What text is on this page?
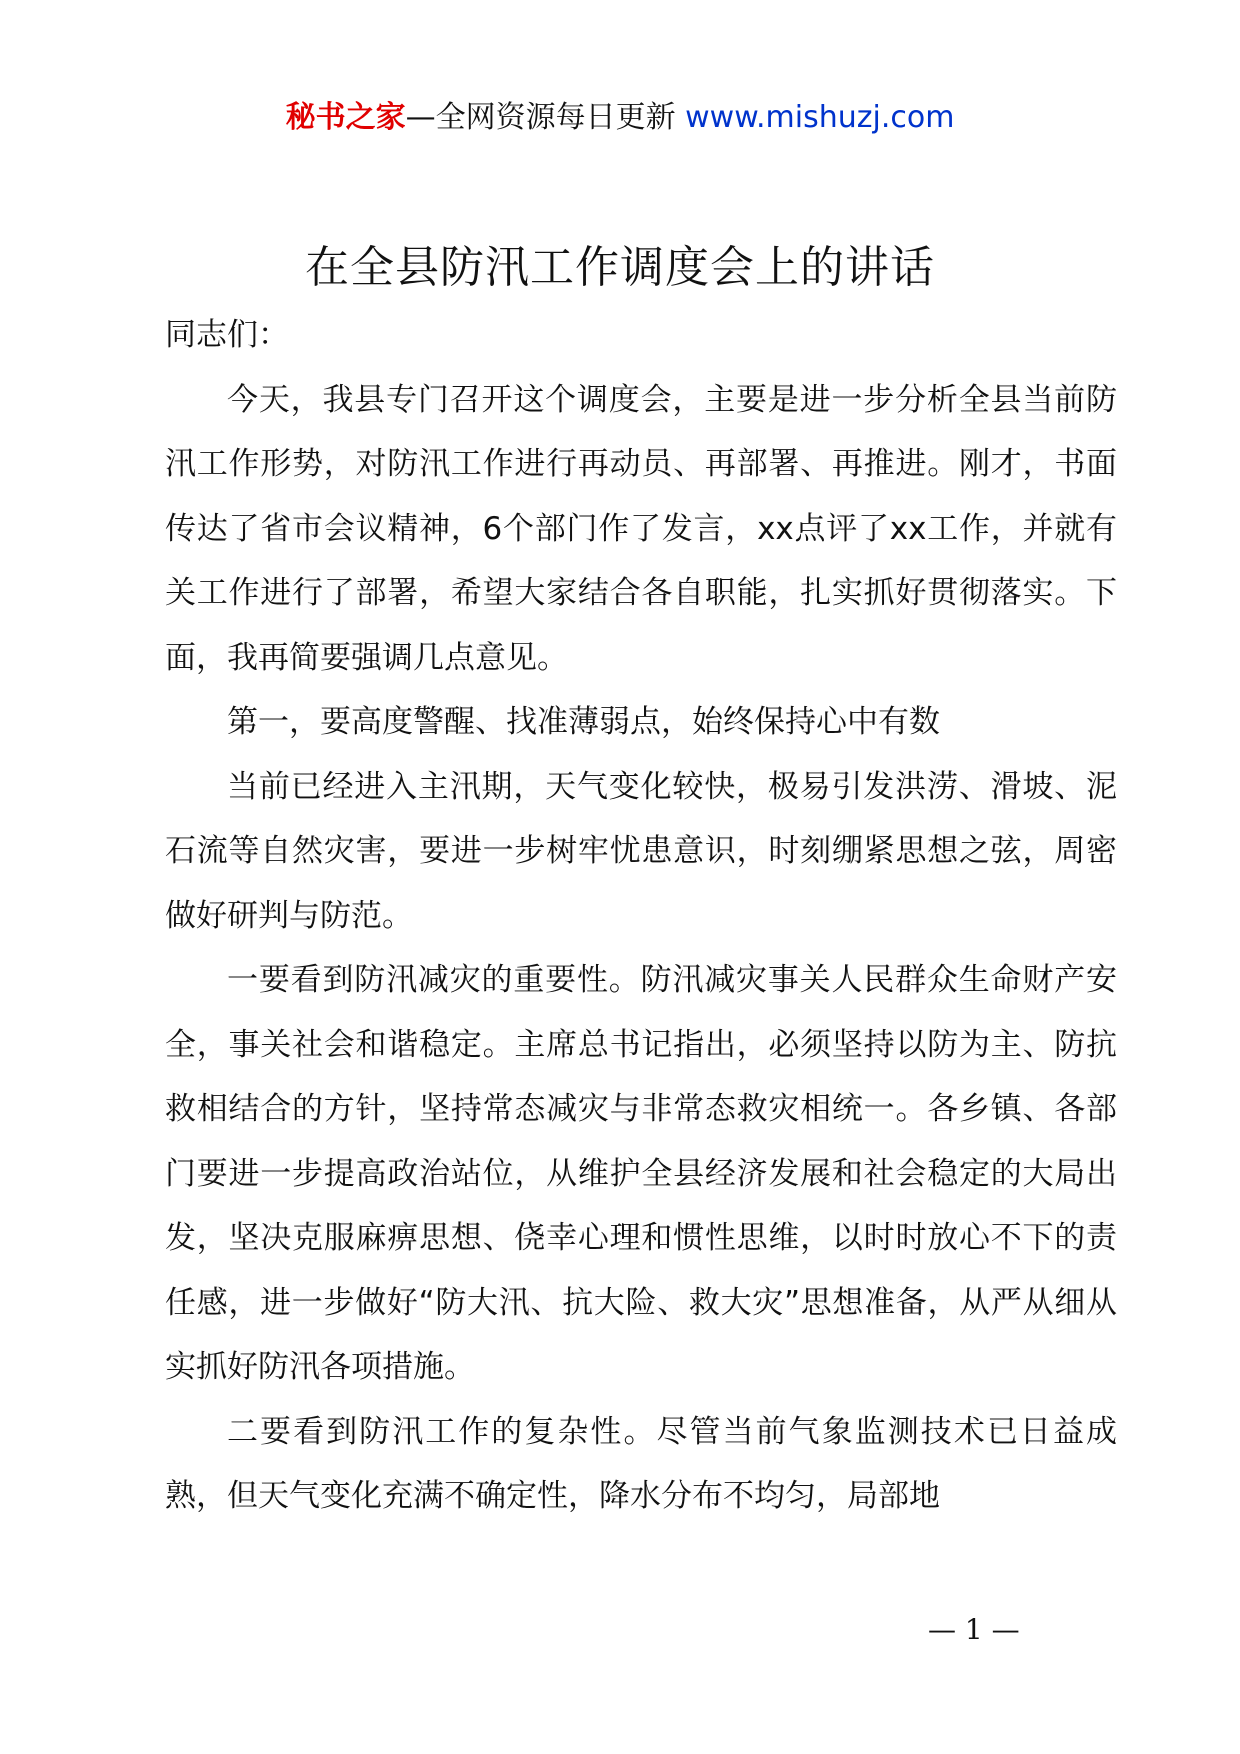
秘书之家—全网资源每日更新 www.mishuzj.com
在全县防汛工作调度会上的讲话

同志们：

今天，我县专门召开这个调度会，主要是进一步分析全县当前防汛工作形势，对防汛工作进行再动员、再部署、再推进。刚才，书面传达了省市会议精神，6个部门作了发言，xx点评了xx工作，并就有关工作进行了部署，希望大家结合各自职能，扎实抓好贯彻落实。下面，我再简要强调几点意见。

第一，要高度警醒、找准薄弱点，始终保持心中有数

当前已经进入主汛期，天气变化较快，极易引发洪涝、滑坡、泥石流等自然灾害，要进一步树牢忧患意识，时刻绷紧思想之弦，周密做好研判与防范。

一要看到防汛减灾的重要性。防汛减灾事关人民群众生命财产安全，事关社会和谐稳定。主席总书记指出，必须坚持以防为主、防抗救相结合的方针，坚持常态减灾与非常态救灾相统一。各乡镇、各部门要进一步提高政治站位，从维护全县经济发展和社会稳定的大局出发，坚决克服麻痹思想、侥幸心理和惯性思维，以时时放心不下的责任感，进一步做好“防大汛、抗大险、救大灾”思想准备，从严从细从实抓好防汛各项措施。

二要看到防汛工作的复杂性。尽管当前气象监测技术已日益成熟，但天气变化充满不确定性，降水分布不均匀，局部地

— 1 —
